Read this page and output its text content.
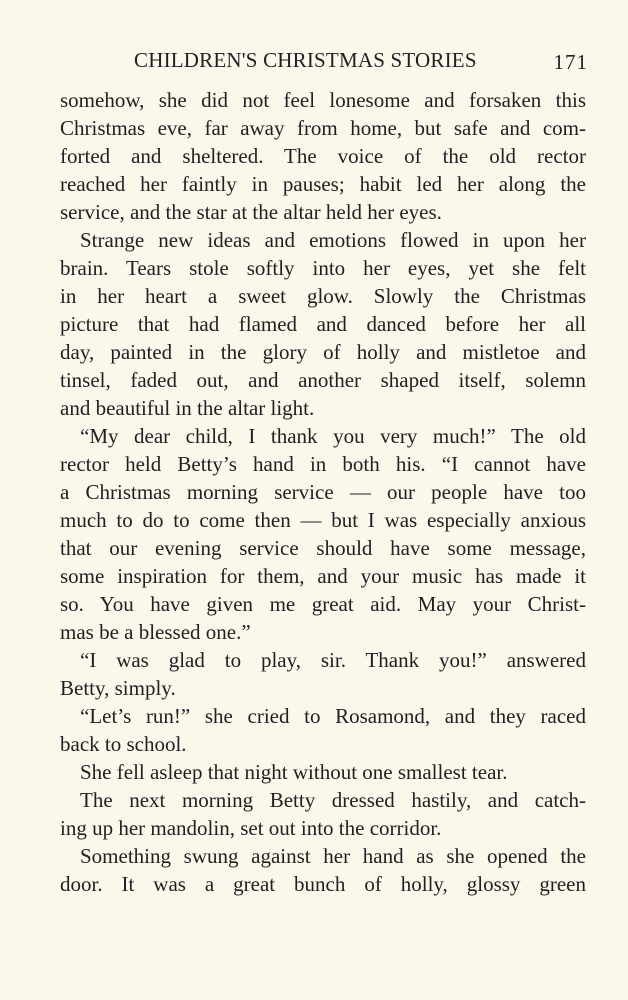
CHILDREN'S CHRISTMAS STORIES	171
somehow, she did not feel lonesome and forsaken this
Christmas eve, far away from home, but safe and com-
forted and sheltered. The voice of the old rector
reached her faintly in pauses; habit led her along the
service, and the star at the altar held her eyes.
Strange new ideas and emotions flowed in upon her
brain. Tears stole softly into her eyes, yet she felt
in her heart a sweet glow. Slowly the Christmas
picture that had flamed and danced before her all
day, painted in the glory of holly and mistletoe and
tinsel, faded out, and another shaped itself, solemn
and beautiful in the altar light.
“My dear child, I thank you very much!” The old
rector held Betty’s hand in both his. “I cannot have
a Christmas morning service — our people have too
much to do to come then — but I was especially anxious
that our evening service should have some message,
some inspiration for them, and your music has made it
so. You have given me great aid. May your Christ-
mas be a blessed one.”
“I was glad to play, sir. Thank you!” answered
Betty, simply.
“Let’s run!” she cried to Rosamond, and they raced
back to school.
She fell asleep that night without one smallest tear.
The next morning Betty dressed hastily, and catch-
ing up her mandolin, set out into the corridor.
Something swung against her hand as she opened the
door. It was a great bunch of holly, glossy green
